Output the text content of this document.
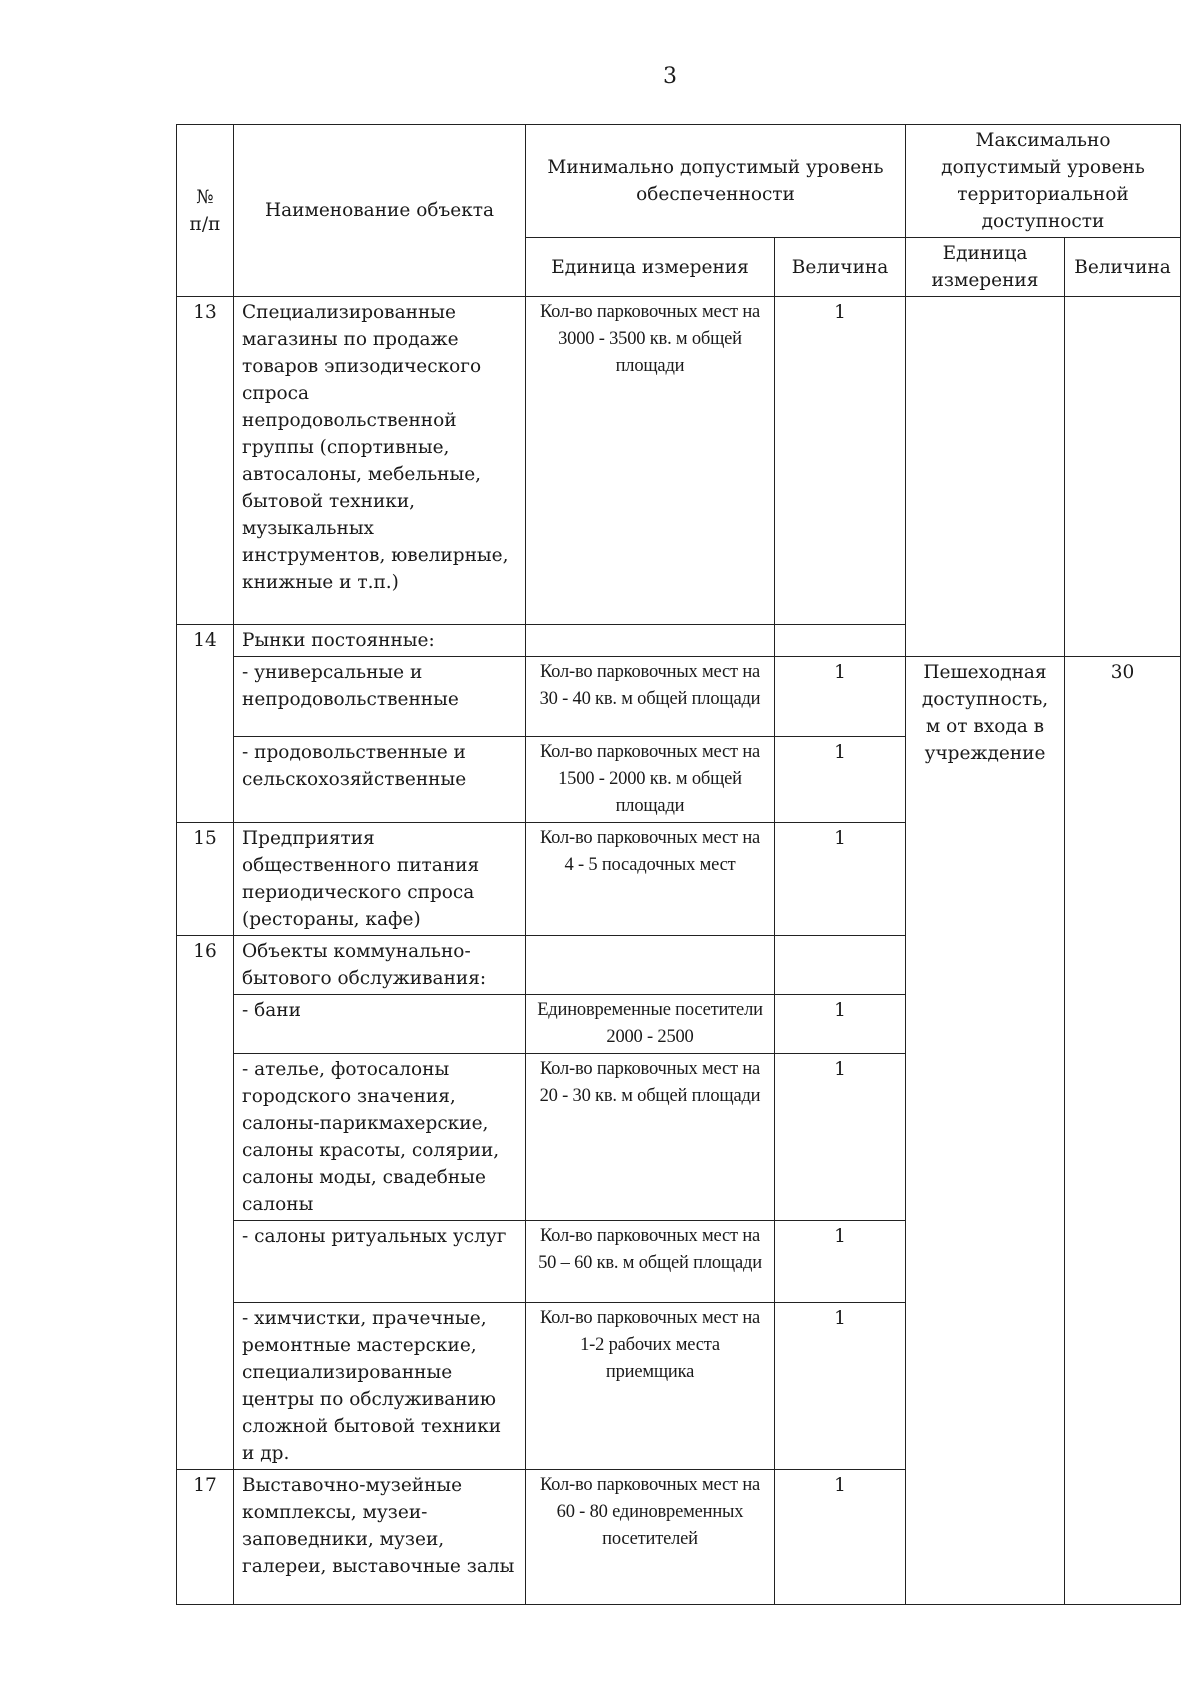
3
№ п/п	Наименование объекта	Минимально допустимый уровень обеспеченности		Максимально допустимый уровень территориальной доступности	
		Единица измерения	Величина	Единица измерения	Величина
13	Специализированные магазины по продаже товаров эпизодического спроса непродовольственной группы (спортивные, автосалоны, мебельные, бытовой техники, музыкальных инструментов, ювелирные, книжные и т.п.)	Кол-во парковочных мест на 3000 - 3500 кв. м общей площади	1		
14	Рынки постоянные:				
	- универсальные и непродовольственные	Кол-во парковочных мест на 30 - 40 кв. м общей площади	1	Пешеходная доступность, м от входа в учреждение	30
	- продовольственные и сельскохозяйственные	Кол-во парковочных мест на 1500 - 2000 кв. м общей площади	1		
15	Предприятия общественного питания периодического спроса (рестораны, кафе)	Кол-во парковочных мест на 4 - 5 посадочных мест	1		
16	Объекты коммунально-бытового обслуживания:				
	- бани	Единовременные посетители 2000 - 2500	1		
	- ателье, фотосалоны городского значения, салоны-парикмахерские, салоны красоты, солярии, салоны моды, свадебные салоны	Кол-во парковочных мест на 20 - 30 кв. м общей площади	1		
	- салоны ритуальных услуг	Кол-во парковочных мест на 50 – 60 кв. м общей площади	1		
	- химчистки, прачечные, ремонтные мастерские, специализированные центры по обслуживанию сложной бытовой техники и др.	Кол-во парковочных мест на 1-2 рабочих места приемщика	1		
17	Выставочно-музейные комплексы, музеи-заповедники, музеи, галереи, выставочные залы	Кол-во парковочных мест на 60 - 80 единовременных посетителей	1		
